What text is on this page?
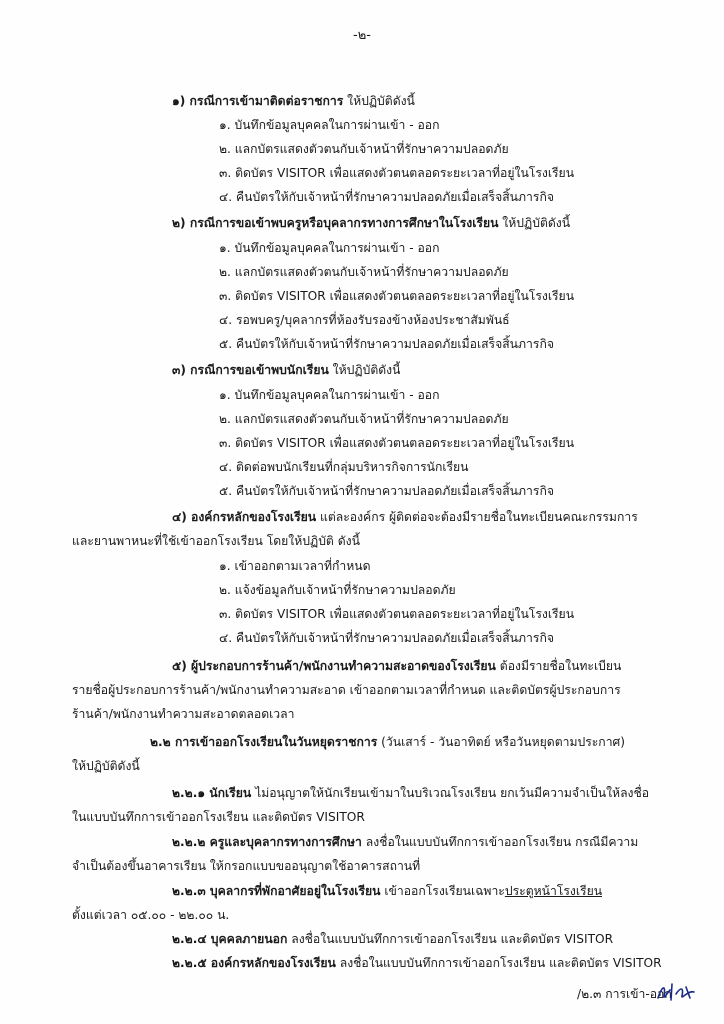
-๒-
๑) กรณีการเข้ามาติดต่อราชการ ให้ปฏิบัติดังนี้
๑. บันทึกข้อมูลบุคคลในการผ่านเข้า - ออก
๒. แลกบัตรแสดงตัวตนกับเจ้าหน้าที่รักษาความปลอดภัย
๓. ติดบัตร VISITOR เพื่อแสดงตัวตนตลอดระยะเวลาที่อยู่ในโรงเรียน
๔. คืนบัตรให้กับเจ้าหน้าที่รักษาความปลอดภัยเมื่อเสร็จสิ้นภารกิจ
๒) กรณีการขอเข้าพบครูหรือบุคลากรทางการศึกษาในโรงเรียน ให้ปฏิบัติดังนี้
๑. บันทึกข้อมูลบุคคลในการผ่านเข้า - ออก
๒. แลกบัตรแสดงตัวตนกับเจ้าหน้าที่รักษาความปลอดภัย
๓. ติดบัตร VISITOR เพื่อแสดงตัวตนตลอดระยะเวลาที่อยู่ในโรงเรียน
๔. รอพบครู/บุคลากรที่ห้องรับรองข้างห้องประชาสัมพันธ์
๕. คืนบัตรให้กับเจ้าหน้าที่รักษาความปลอดภัยเมื่อเสร็จสิ้นภารกิจ
๓) กรณีการขอเข้าพบนักเรียน ให้ปฏิบัติดังนี้
๑. บันทึกข้อมูลบุคคลในการผ่านเข้า - ออก
๒. แลกบัตรแสดงตัวตนกับเจ้าหน้าที่รักษาความปลอดภัย
๓. ติดบัตร VISITOR เพื่อแสดงตัวตนตลอดระยะเวลาที่อยู่ในโรงเรียน
๔. ติดต่อพบนักเรียนที่กลุ่มบริหารกิจการนักเรียน
๕. คืนบัตรให้กับเจ้าหน้าที่รักษาความปลอดภัยเมื่อเสร็จสิ้นภารกิจ
๔) องค์กรหลักของโรงเรียน แต่ละองค์กร ผู้ติดต่อจะต้องมีรายชื่อในทะเบียนคณะกรรมการ
และยานพาหนะที่ใช้เข้าออกโรงเรียน โดยให้ปฏิบัติ ดังนี้
๑. เข้าออกตามเวลาที่กำหนด
๒. แจ้งข้อมูลกับเจ้าหน้าที่รักษาความปลอดภัย
๓. ติดบัตร VISITOR เพื่อแสดงตัวตนตลอดระยะเวลาที่อยู่ในโรงเรียน
๔. คืนบัตรให้กับเจ้าหน้าที่รักษาความปลอดภัยเมื่อเสร็จสิ้นภารกิจ
๕) ผู้ประกอบการร้านค้า/พนักงานทำความสะอาดของโรงเรียน ต้องมีรายชื่อในทะเบียน
รายชื่อผู้ประกอบการร้านค้า/พนักงานทำความสะอาด เข้าออกตามเวลาที่กำหนด และติดบัตรผู้ประกอบการ
ร้านค้า/พนักงานทำความสะอาดตลอดเวลา
๒.๒ การเข้าออกโรงเรียนในวันหยุดราชการ (วันเสาร์ - วันอาทิตย์ หรือวันหยุดตามประกาศ)
ให้ปฏิบัติดังนี้
๒.๒.๑ นักเรียน ไม่อนุญาตให้นักเรียนเข้ามาในบริเวณโรงเรียน ยกเว้นมีความจำเป็นให้ลงชื่อ
ในแบบบันทึกการเข้าออกโรงเรียน และติดบัตร VISITOR
๒.๒.๒ ครูและบุคลากรทางการศึกษา ลงชื่อในแบบบันทึกการเข้าออกโรงเรียน กรณีมีความ
จำเป็นต้องขึ้นอาคารเรียน ให้กรอกแบบขออนุญาตใช้อาคารสถานที่
๒.๒.๓ บุคลากรที่พักอาศัยอยู่ในโรงเรียน เข้าออกโรงเรียนเฉพาะประตูหน้าโรงเรียน
ตั้งแต่เวลา ๐๕.๐๐ - ๒๒.๐๐ น.
๒.๒.๔ บุคคลภายนอก ลงชื่อในแบบบันทึกการเข้าออกโรงเรียน และติดบัตร VISITOR
๒.๒.๕ องค์กรหลักของโรงเรียน ลงชื่อในแบบบันทึกการเข้าออกโรงเรียน และติดบัตร VISITOR
/๒.๓ การเข้า-ออก
